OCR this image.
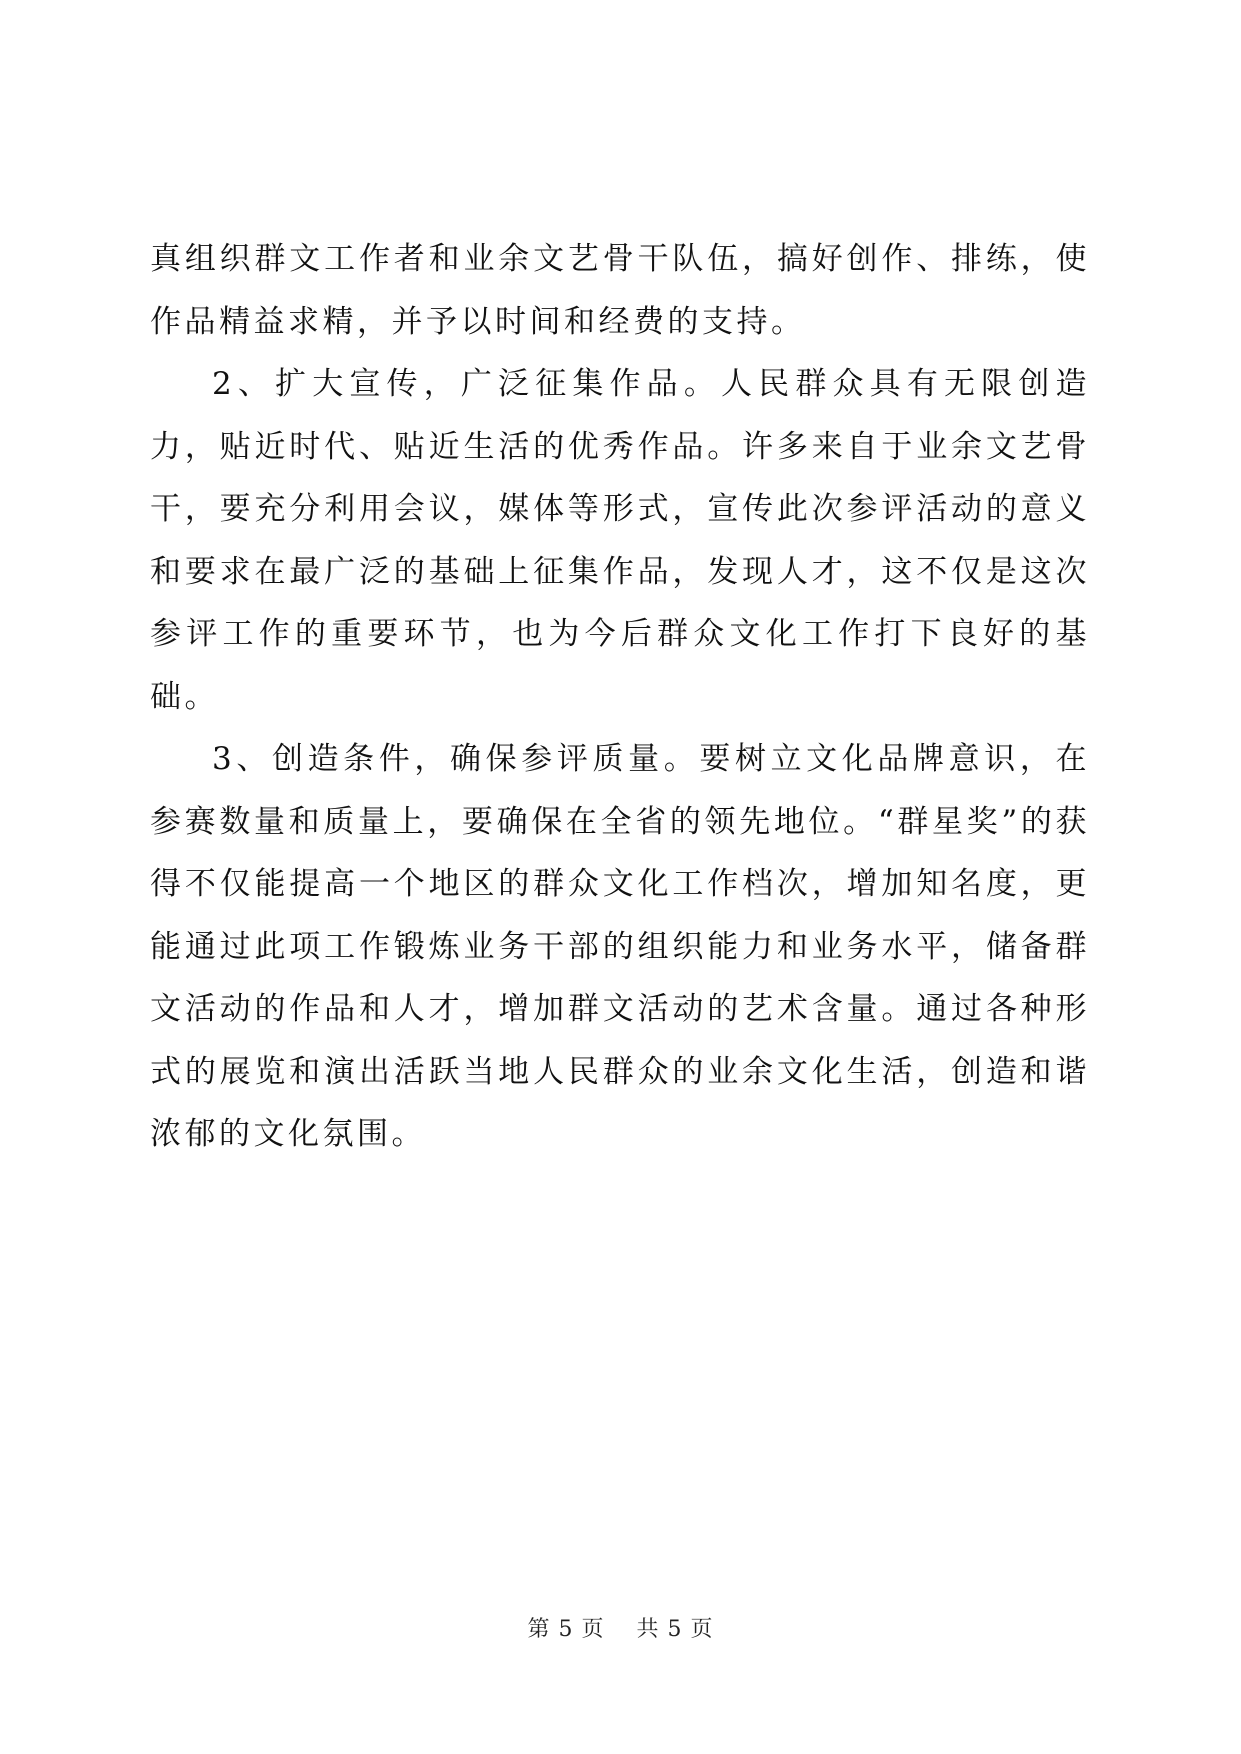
真组织群文工作者和业余文艺骨干队伍，搞好创作、排练，使作品精益求精，并予以时间和经费的支持。

2、扩大宣传，广泛征集作品。人民群众具有无限创造力，贴近时代、贴近生活的优秀作品。许多来自于业余文艺骨干，要充分利用会议，媒体等形式，宣传此次参评活动的意义和要求在最广泛的基础上征集作品，发现人才，这不仅是这次参评工作的重要环节，也为今后群众文化工作打下良好的基础。

3、创造条件，确保参评质量。要树立文化品牌意识，在参赛数量和质量上，要确保在全省的领先地位。“群星奖”的获得不仅能提高一个地区的群众文化工作档次，增加知名度，更能通过此项工作锻炼业务干部的组织能力和业务水平，储备群文活动的作品和人才，增加群文活动的艺术含量。通过各种形式的展览和演出活跃当地人民群众的业余文化生活，创造和谐浓郁的文化氛围。

第 5 页 共 5 页
